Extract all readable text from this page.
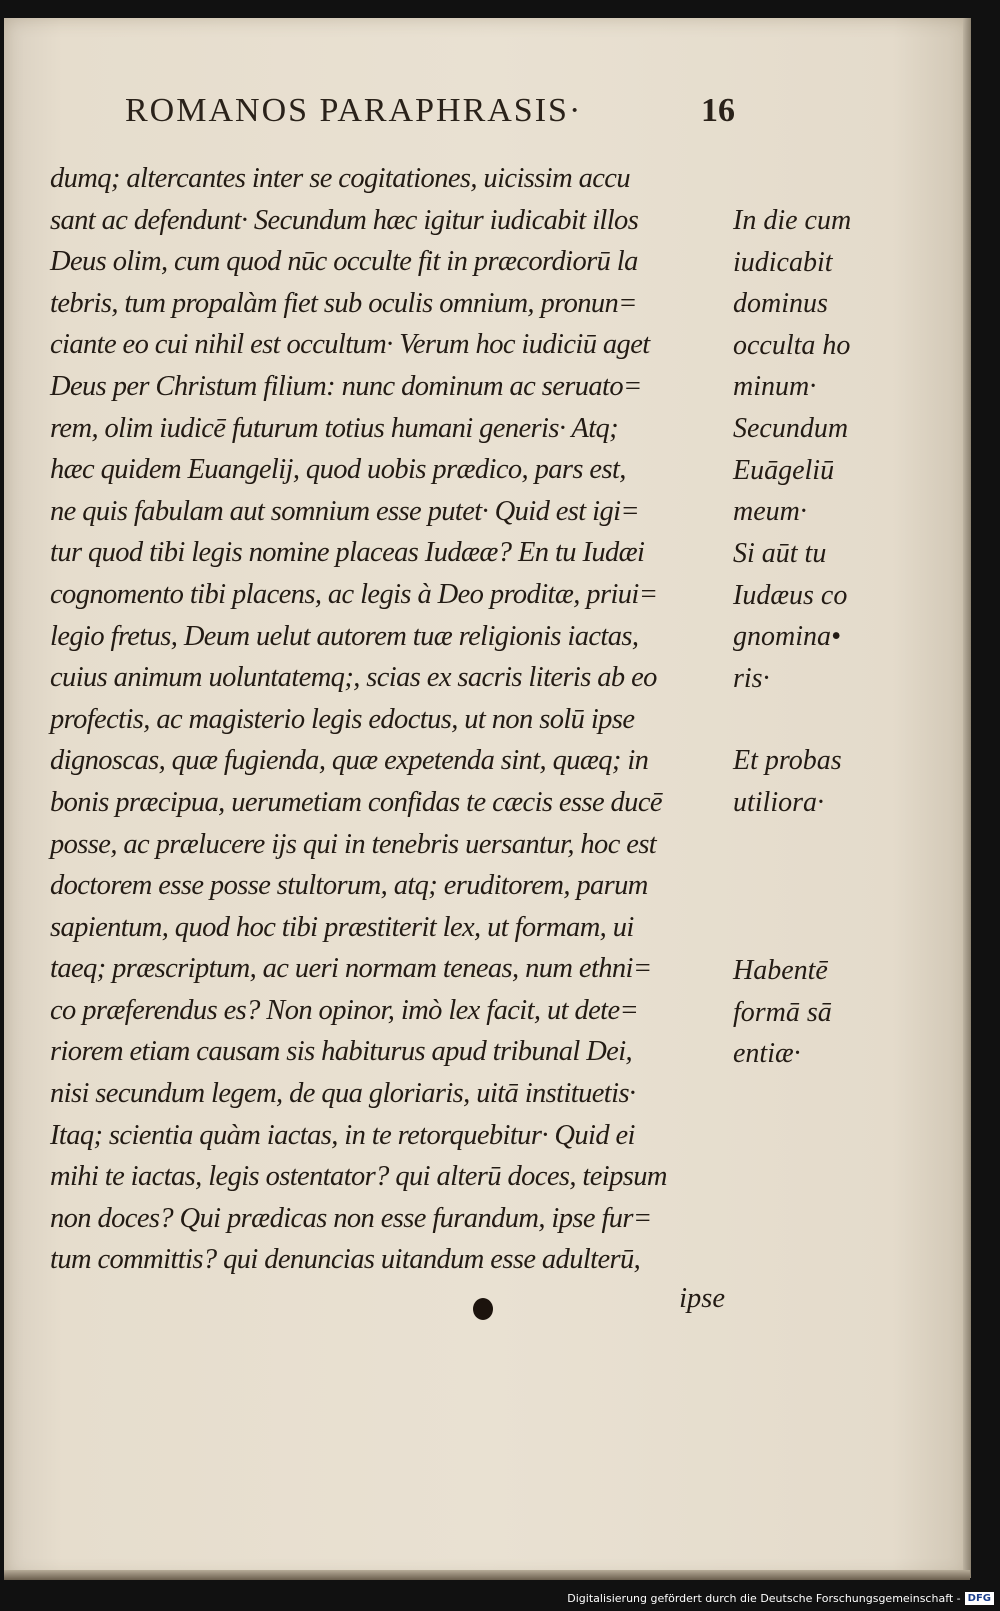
ROMANOS PARAPHRASIS·	16
dumq; altercantes inter se cogitationes, uicissim accu
sant ac defendunt· Secundum hæc igitur iudicabit illos
Deus olim, cum quod nūc occulte fit in præcordiorū la
tebris, tum propalàm fiet sub oculis omnium, pronun=
ciante eo cui nihil est occultum· Verum hoc iudiciū aget
Deus per Christum filium: nunc dominum ac seruato=
rem, olim iudicē futurum totius humani generis· Atq;
hæc quidem Euangelij, quod uobis prædico, pars est,
ne quis fabulam aut somnium esse putet· Quid est igi=
tur quod tibi legis nomine placeas Iudææ? En tu Iudæi
cognomento tibi placens, ac legis à Deo proditæ, priui=
legio fretus, Deum uelut autorem tuæ religionis iactas,
cuius animum uoluntatemq;, scias ex sacris literis ab eo
profectis, ac magisterio legis edoctus, ut non solū ipse
dignoscas, quæ fugienda, quæ expetenda sint, quæq; in
bonis præcipua, uerumetiam confidas te cæcis esse ducē
posse, ac prælucere ijs qui in tenebris uersantur, hoc est
doctorem esse posse stultorum, atq; eruditorem, parum
sapientum, quod hoc tibi præstiterit lex, ut formam, ui
taeq; præscriptum, ac ueri normam teneas, num ethni=
co præferendus es? Non opinor, imò lex facit, ut dete=
riorem etiam causam sis habiturus apud tribunal Dei,
nisi secundum legem, de qua gloriaris, uitā instituetis·
Itaq; scientia quàm iactas, in te retorquebitur· Quid ei
mihi te iactas, legis ostentator? qui alterū doces, teipsum
non doces? Qui prædicas non esse furandum, ipse fur=
tum committis? qui denuncias uitandum esse adulterū,
ipse
In die cum
iudicabit
dominus
occulta ho
minum·
Secundum
Euāgeliū
meum·
Si aūt tu
Iudæus co
gnomina•
ris·
Et probas
utiliora·
Habentē
formā sā
entiæ·
Digitalisierung gefördert durch die Deutsche Forschungsgemeinschaft - DFG
